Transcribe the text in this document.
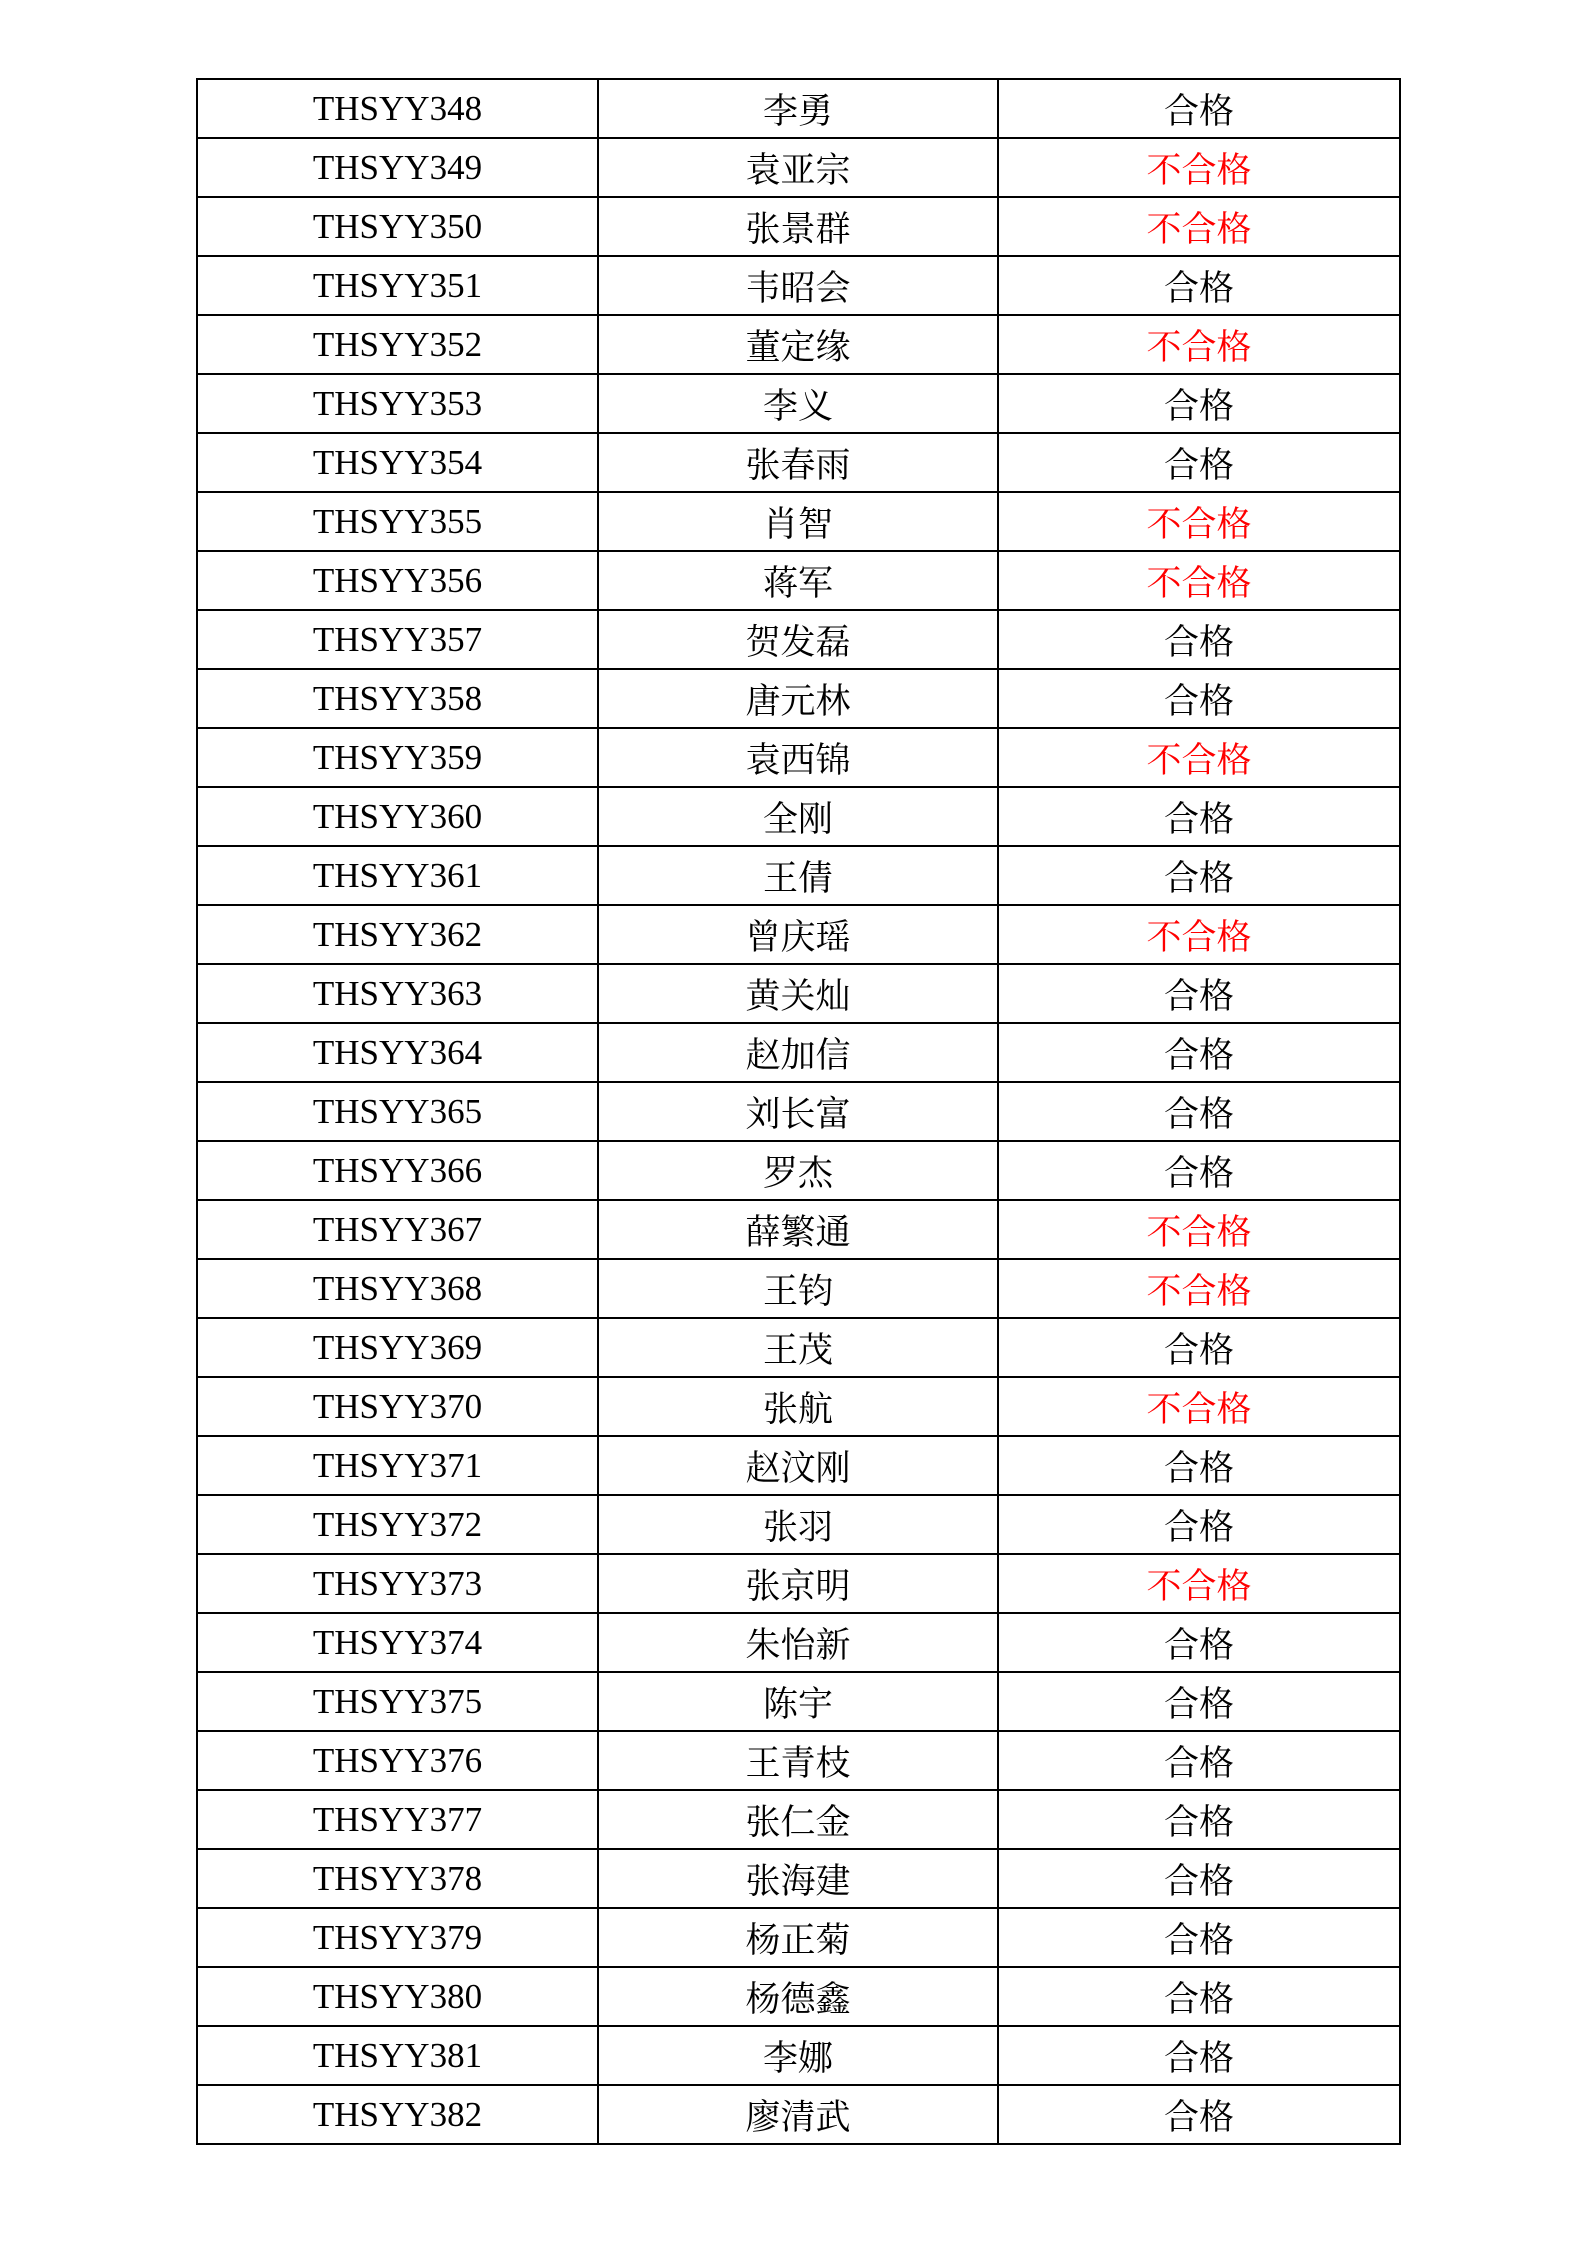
THSYY348	李勇	合格
THSYY349	袁亚宗	不合格
THSYY350	张景群	不合格
THSYY351	韦昭会	合格
THSYY352	董定缘	不合格
THSYY353	李义	合格
THSYY354	张春雨	合格
THSYY355	肖智	不合格
THSYY356	蒋军	不合格
THSYY357	贺发磊	合格
THSYY358	唐元林	合格
THSYY359	袁西锦	不合格
THSYY360	全刚	合格
THSYY361	王倩	合格
THSYY362	曾庆瑶	不合格
THSYY363	黄关灿	合格
THSYY364	赵加信	合格
THSYY365	刘长富	合格
THSYY366	罗杰	合格
THSYY367	薛繁通	不合格
THSYY368	王钧	不合格
THSYY369	王茂	合格
THSYY370	张航	不合格
THSYY371	赵汶刚	合格
THSYY372	张羽	合格
THSYY373	张京明	不合格
THSYY374	朱怡新	合格
THSYY375	陈宇	合格
THSYY376	王青枝	合格
THSYY377	张仁金	合格
THSYY378	张海建	合格
THSYY379	杨正菊	合格
THSYY380	杨德鑫	合格
THSYY381	李娜	合格
THSYY382	廖清武	合格
